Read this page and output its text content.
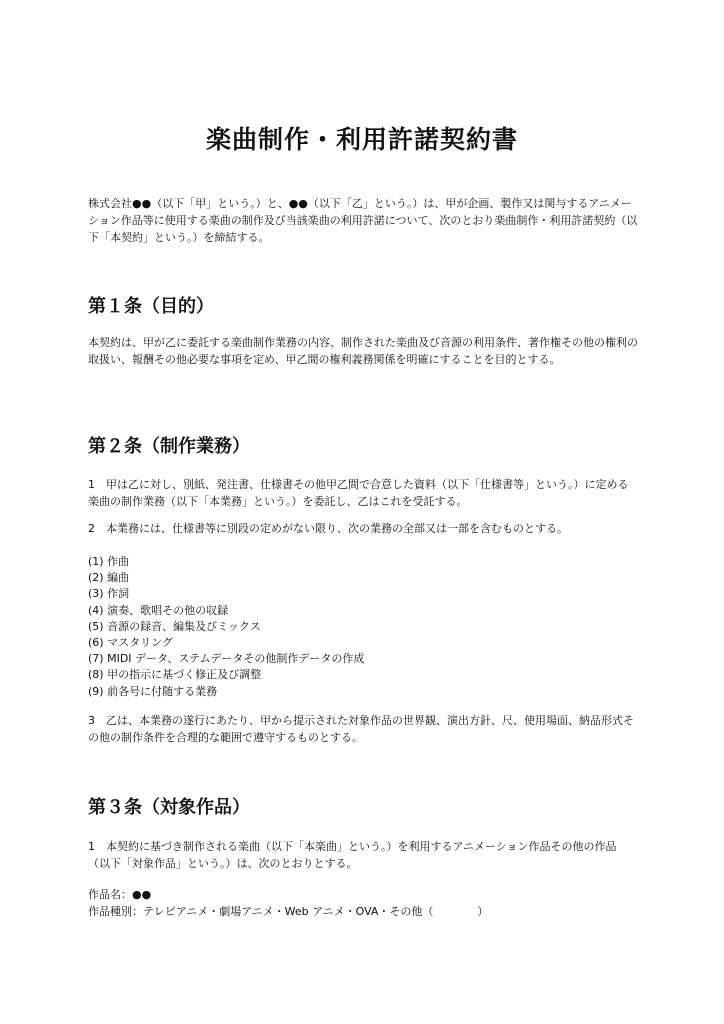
楽曲制作・利用許諾契約書

株式会社●●（以下「甲」という。）と、●●（以下「乙」という。）は、甲が企画、製作又は関与するアニメーション作品等に使用する楽曲の制作及び当該楽曲の利用許諾について、次のとおり楽曲制作・利用許諾契約（以下「本契約」という。）を締結する。

第１条（目的）

本契約は、甲が乙に委託する楽曲制作業務の内容、制作された楽曲及び音源の利用条件、著作権その他の権利の取扱い、報酬その他必要な事項を定め、甲乙間の権利義務関係を明確にすることを目的とする。

第２条（制作業務）

1　甲は乙に対し、別紙、発注書、仕様書その他甲乙間で合意した資料（以下「仕様書等」という。）に定める楽曲の制作業務（以下「本業務」という。）を委託し、乙はこれを受託する。

2　本業務には、仕様書等に別段の定めがない限り、次の業務の全部又は一部を含むものとする。

(1) 作曲
(2) 編曲
(3) 作詞
(4) 演奏、歌唱その他の収録
(5) 音源の録音、編集及びミックス
(6) マスタリング
(7) MIDI データ、ステムデータその他制作データの作成
(8) 甲の指示に基づく修正及び調整
(9) 前各号に付随する業務

3　乙は、本業務の遂行にあたり、甲から提示された対象作品の世界観、演出方針、尺、使用場面、納品形式その他の制作条件を合理的な範囲で遵守するものとする。

第３条（対象作品）

1　本契約に基づき制作される楽曲（以下「本楽曲」という。）を利用するアニメーション作品その他の作品（以下「対象作品」という。）は、次のとおりとする。

作品名：●●
作品種別：テレビアニメ・劇場アニメ・Web アニメ・OVA・その他（　　　　）
